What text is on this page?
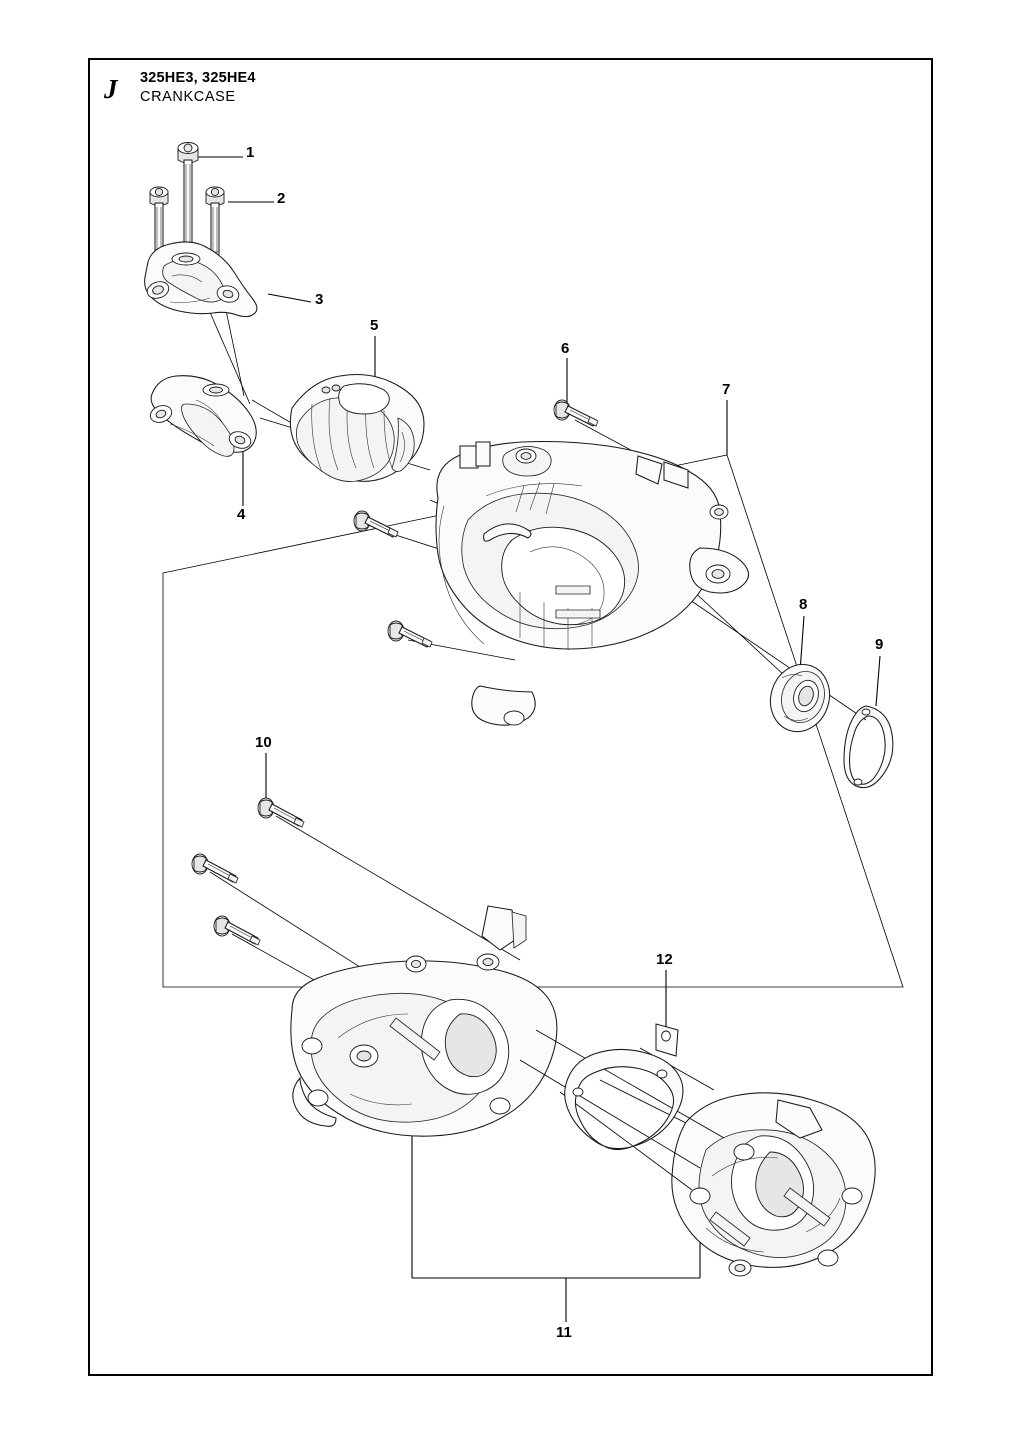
J 325HE3, 325HE4
CRANKCASE
1
2
3
4
5
6
7
8
9
10
11
12
